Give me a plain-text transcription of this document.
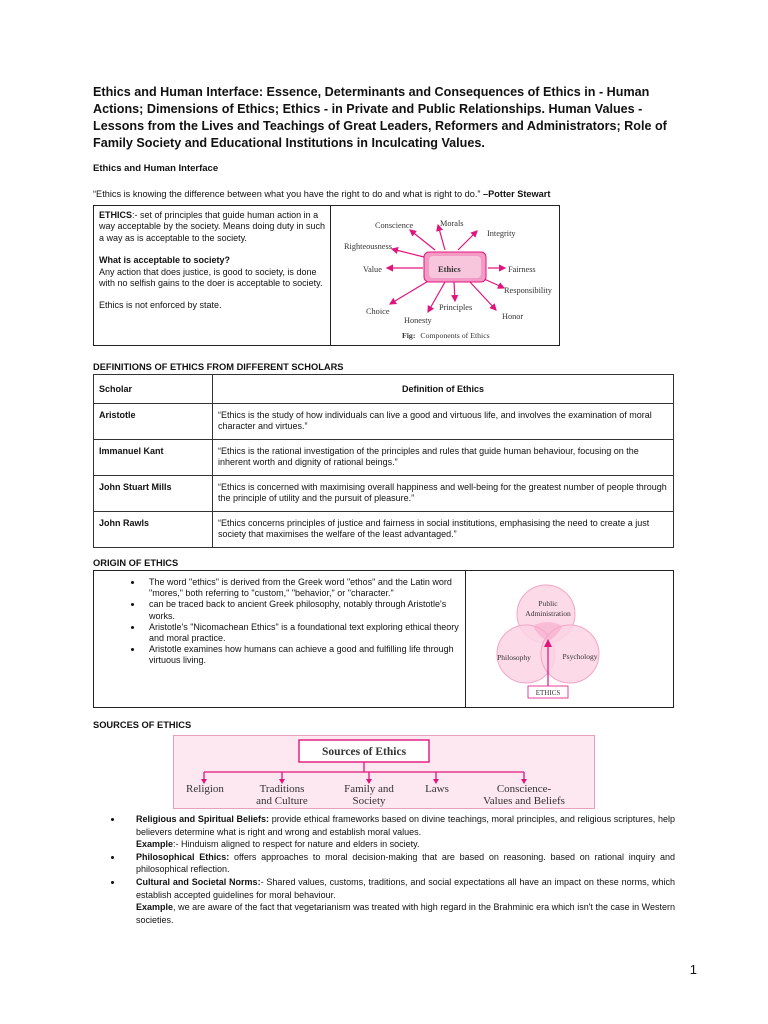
Ethics and Human Interface: Essence, Determinants and Consequences of Ethics in - Human Actions; Dimensions of Ethics; Ethics - in Private and Public Relationships. Human Values - Lessons from the Lives and Teachings of Great Leaders, Reformers and Administrators; Role of Family Society and Educational Institutions in Inculcating Values.
Ethics and Human Interface
“Ethics is knowing the difference between what you have the right to do and what is right to do.” –Potter Stewart
ETHICS:- set of principles that guide human action in a way acceptable by the society. Means doing duty in such a way as is acceptable to the society.
What is acceptable to society?
Any action that does justice, is good to society, is done with no selfish gains to the doer is acceptable to society.
Ethics is not enforced by state.
Ethics
Conscience	Morals
Integrity
Righteousness
Value	Fairness
Responsibility
Choice
Honesty
Principles
Honor
Fig: Components of Ethics
DEFINITIONS OF ETHICS FROM DIFFERENT SCHOLARS
Scholar	Definition of Ethics
Aristotle	“Ethics is the study of how individuals can live a good and virtuous life, and involves the examination of moral character and virtues.”
Immanuel Kant	“Ethics is the rational investigation of the principles and rules that guide human behaviour, focusing on the inherent worth and dignity of rational beings.”
John Stuart Mills	“Ethics is concerned with maximising overall happiness and well-being for the greatest number of people through the principle of utility and the pursuit of pleasure.”
John Rawls	“Ethics concerns principles of justice and fairness in social institutions, emphasising the need to create a just society that maximises the welfare of the least advantaged.”
ORIGIN OF ETHICS
• The word "ethics" is derived from the Greek word "ethos" and the Latin word "mores," both referring to "custom," "behavior," or "character."
• can be traced back to ancient Greek philosophy, notably through Aristotle's works.
• Aristotle's "Nicomachean Ethics" is a foundational text exploring ethical theory and moral practice.
• Aristotle examines how humans can achieve a good and fulfilling life through virtuous living.
Public
Administration
Philosophy	Psychology
ETHICS
SOURCES OF ETHICS
Sources of Ethics
Religion	Traditions
and Culture
Family and
Society
Laws	Conscience-
Values and Beliefs
• Religious and Spiritual Beliefs: provide ethical frameworks based on divine teachings, moral principles, and religious scriptures, help believers determine what is right and wrong and establish moral values.
Example:- Hinduism aligned to respect for nature and elders in society.
• Philosophical Ethics: offers approaches to moral decision-making that are based on reasoning. based on rational inquiry and philosophical reflection.
• Cultural and Societal Norms:- Shared values, customs, traditions, and social expectations all have an impact on these norms, which establish accepted guidelines for moral behaviour.
Example, we are aware of the fact that vegetarianism was treated with high regard in the Brahminic era which isn't the case in Western societies.
1
